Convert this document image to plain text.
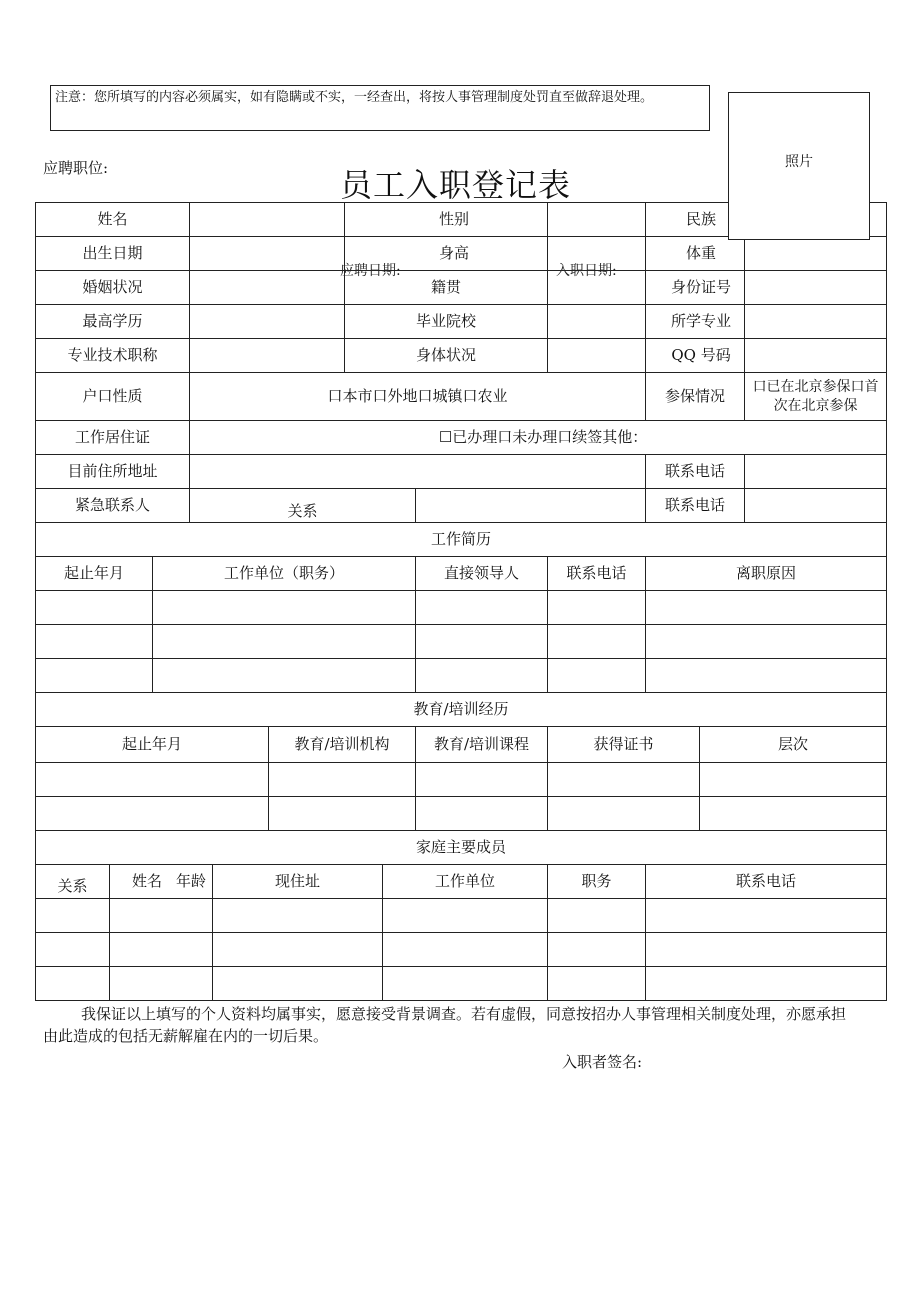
注意：您所填写的内容必须属实，如有隐瞒或不实，一经查出，将按人事管理制度处罚直至做辞退处理。
照片
应聘职位:	员工入职登记表
应聘日期:	入职日期:
姓名						性别				民族		
出生日期						身高				体重		
婚姻状况						籍贯				身份证号		
最高学历						毕业院校				所学专业		
专业技术职称						身体状况				QQ 号码		
户口性质			口本市口外地口城镇口农业							参保情况		口已在北京参保口首次在北京参保
工作居住证			☐已办理口未办理口续签其他：									
目前住所地址										联系电话		
紧急联系人			关系							联系电话		
工作简历												
起止年月		工作单位（职务）						直接领导人	联系电话	离职原因		

教育/培训经历												
起止年月					教育/培训机构			教育/培训课程	获得证书		层次	

家庭主要成员												
关系	姓名 年龄			现住址			工作单位		职务	联系电话		

我保证以上填写的个人资料均属事实，愿意接受背景调查。若有虚假，同意按招办人事管理相关制度处理，亦愿承担由此造成的包括无薪解雇在内的一切后果。
入职者签名:
